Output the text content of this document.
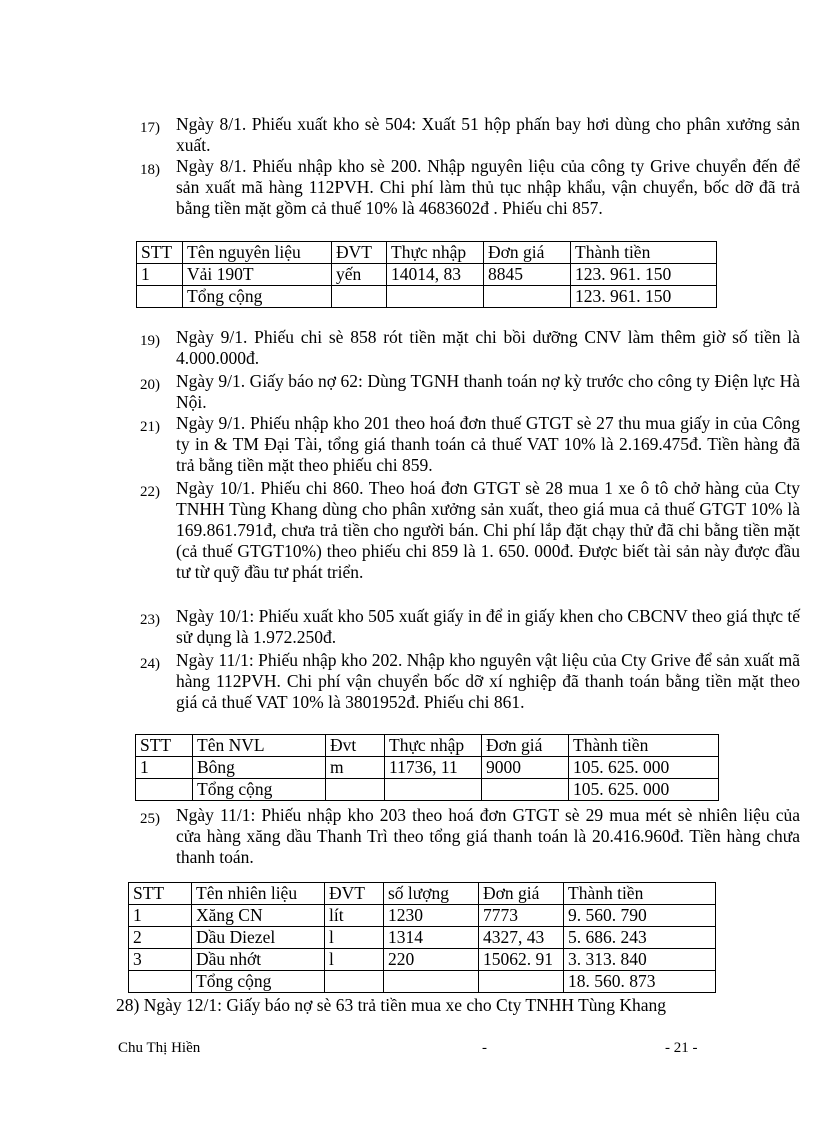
17) Ngày 8/1. Phiếu xuất kho sè 504: Xuất 51 hộp phấn bay hơi dùng cho phân xưởng sản xuất.
18) Ngày 8/1. Phiếu nhập kho sè 200. Nhập nguyên liệu của công ty Grive chuyển đến để sản xuất mã hàng 112PVH. Chi phí làm thủ tục nhập khẩu, vận chuyển, bốc dỡ đã trả bằng tiền mặt gồm cả thuế 10% là 4683602đ . Phiếu chi 857.
STT	Tên nguyên liệu	ĐVT	Thực nhập	Đơn giá	Thành tiền
1	Vải 190T	yến	14014, 83	8845	123. 961. 150
	Tổng cộng				123. 961. 150
19) Ngày 9/1. Phiếu chi sè 858 rót tiền mặt chi bồi dưỡng CNV làm thêm giờ số tiền là 4.000.000đ.
20) Ngày 9/1. Giấy báo nợ 62: Dùng TGNH thanh toán nợ kỳ trước cho công ty Điện lực Hà Nội.
21) Ngày 9/1. Phiếu nhập kho 201 theo hoá đơn thuế GTGT sè 27 thu mua giấy in của Công ty in & TM Đại Tài, tổng giá thanh toán cả thuế VAT 10% là 2.169.475đ. Tiền hàng đã trả bằng tiền mặt theo phiếu chi 859.
22) Ngày 10/1. Phiếu chi 860. Theo hoá đơn GTGT sè 28 mua 1 xe ô tô chở hàng của Cty TNHH Tùng Khang dùng cho phân xưởng sản xuất, theo giá mua cả thuế GTGT 10% là 169.861.791đ, chưa trả tiền cho người bán. Chi phí lắp đặt chạy thử đã chi bằng tiền mặt (cả thuế GTGT10%) theo phiếu chi 859 là 1. 650. 000đ. Được biết tài sản này được đầu tư từ quỹ đầu tư phát triển.
23) Ngày 10/1: Phiếu xuất kho 505 xuất giấy in để in giấy khen cho CBCNV theo giá thực tế sử dụng là 1.972.250đ.
24) Ngày 11/1: Phiếu nhập kho 202. Nhập kho nguyên vật liệu của Cty Grive để sản xuất mã hàng 112PVH. Chi phí vận chuyển bốc dỡ xí nghiệp đã thanh toán bằng tiền mặt theo giá cả thuế VAT 10% là 3801952đ. Phiếu chi 861.
STT	Tên NVL	Đvt	Thực nhập	Đơn giá	Thành tiền
1	Bông	m	11736, 11	9000	105. 625. 000
	Tổng cộng				105. 625. 000
25) Ngày 11/1: Phiếu nhập kho 203 theo hoá đơn GTGT sè 29 mua mét sè nhiên liệu của cửa hàng xăng dầu Thanh Trì theo tổng giá thanh toán là 20.416.960đ. Tiền hàng chưa thanh toán.
STT	Tên nhiên liệu	ĐVT	số lượng	Đơn giá	Thành tiền
1	Xăng CN	lít	1230	7773	9. 560. 790
2	Dầu Diezel	l	1314	4327, 43	5. 686. 243
3	Dầu nhớt	l	220	15062. 91	3. 313. 840
	Tổng cộng				18. 560. 873
28) Ngày 12/1: Giấy báo nợ sè 63 trả tiền mua xe cho Cty TNHH Tùng Khang
Chu Thị Hiền	-	- 21 -
